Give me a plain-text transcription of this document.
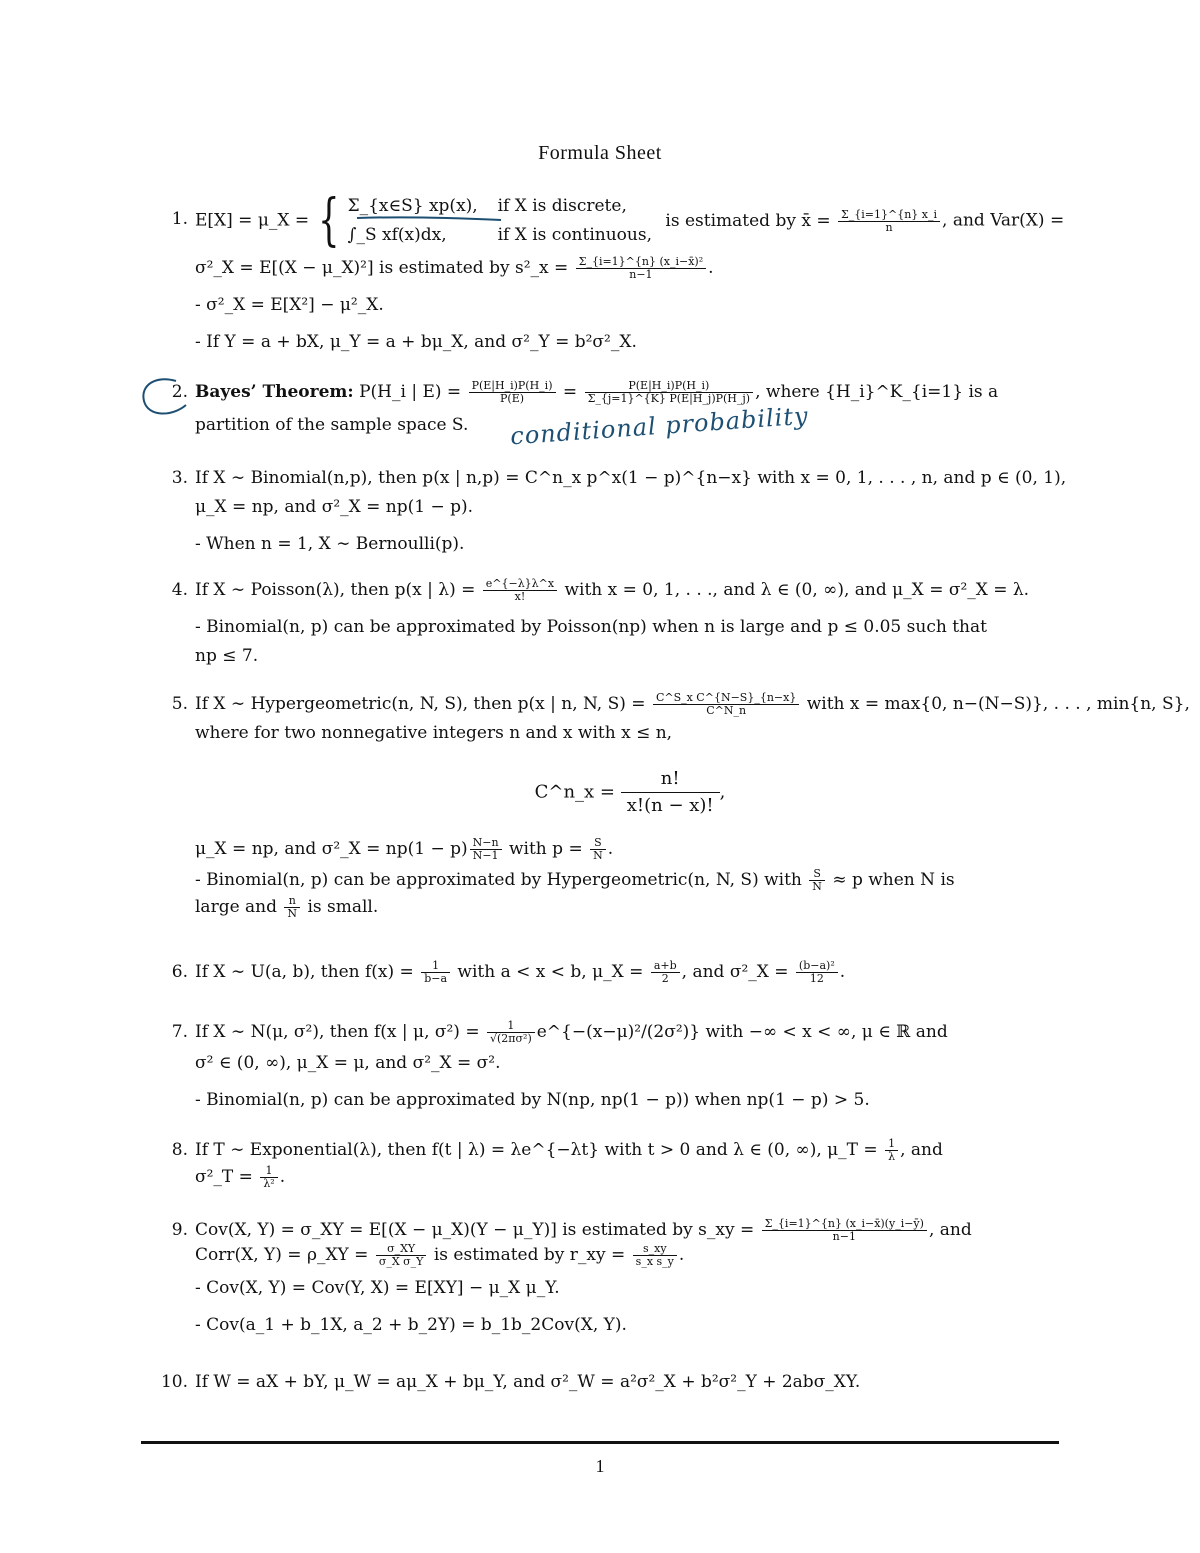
Formula Sheet
1. E[X] = μ_X = { Σ_{x∈S} xp(x), if X is discrete,
∫_S xf(x)dx,	if X is continuous,
is estimated by x̄ = $\frac{\Sigma\_\{i=1\}\^{}\{n\} x\_i}{n}$ , and Var(X) =
σ²_X = E[(X − μ_X)²] is estimated by s²_x = $\frac{\text{Σ\_\{i=1\}\textasciicircum{}\{n\} (x\_i−x̄)²}}{n-1}$ .
- σ²_X = E[X²] − μ²_X.
- If Y = a + bX, μ_Y = a + bμ_X, and σ²_Y = b²σ²_X.
2. Bayes’ Theorem: P(H_i | $E) = \frac{P(E|H\_i)P(H\_i)}{P(E)} = \frac{P(E|H\_i)P(H\_i)}{\Sigma\_\{j=1\}\^{}\{K\} P(E|H\_j)P(H\_j)}$ , where {H_i}^K_{i=1} is a
partition of the sample space S.	conditional probability
3. If X ∼ Binomial(n,p), then p(x | n,p) = C^n_x p^x(1 − p)^{n−x} with x = 0, 1, . . . , n, and p ∈ (0, 1),
μ_X = np, and σ²_X = np(1 − p).
- When n = 1, X ∼ Bernoulli(p).
4. If X ∼ Poisson(λ), then p(x | $\lambda) = \frac{e\^{}\{-\lambda\}\lambda\^{}x}{x!}$ with x = 0, 1, . . ., and λ ∈ (0, ∞), and μ_X = σ²_X = λ.
- Binomial(n, p) can be approximated by Poisson(np) when n is large and p ≤ 0.05 such that
np ≤ 7.
5. If X ∼ Hypergeometric(n, N, S), then p(x | n, N, $S) = \frac{\text{C\textasciicircum{}S\_x C\textasciicircum{}\{N−S\}\_\{n−x\}}}{C\^{}N\_n}$ with x = max{0, n−(N−S)}, . . . , min{n, S},
where for two nonnegative integers n and x with x ≤ n,
C^n_x = $\frac{n!}{x!(n - x)!}$ ,
μ_X = np, and σ²_X = $np(1 - p) \frac{N-n}{N-1}$ with $p = \frac{S}{N}$ .
- Binomial(n, p) can be approximated by Hypergeometric(n, N, S) with $\frac{S}{N} \approx p$ when N is
large and $\frac{n}{N}$ is small.
6. If X ∼ U(a, b), then $f(x) = \frac{1}{b-a}$ with a < x < b, μ_X = $\frac{a+b}{2}$ , and σ²_X = $\frac{\text{(b−a)²}}{12}$ .
7. If X ∼ N(μ, σ²), then f(x | μ, $\sigma^2) = \frac{1}{\text{√(2πσ²)}}$ e^{−(x−μ)²/(2σ²)} with −∞ < x < ∞, μ ∈ ℝ and
σ² ∈ (0, ∞), μ_X = μ, and σ²_X = σ².
- Binomial(n, p) can be approximated by N(np, np(1 − p)) when np(1 − p) > 5.
8. If T ∼ Exponential(λ), then f(t | λ) = λe^{−λt} with t > 0 and λ ∈ (0, ∞), μ_T = $\frac{1}{\lambda}$ , and
σ²_T = $\frac{1}{\text{λ²}}$ .
9. Cov(X, Y) = σ_XY = E[(X − μ_X)(Y − μ_Y)] is estimated by s_xy = $\frac{\Sigma\_\{i=1\}\^{}\{n\} (x\_i-x̄)(y\_i-ȳ)}{n-1}$ , and
Corr(X, Y) = ρ_XY = $\frac{\sigma\_XY}{\text{σ\_X σ\_Y}}$ is estimated by r_xy = $\frac{s\_xy}{\text{s\_x s\_y}}$ .
- Cov(X, Y) = Cov(Y, X) = E[XY] − μ_X μ_Y.
- Cov(a_1 + b_1X, a_2 + b_2Y) = b_1b_2Cov(X, Y).
10. If W = aX + bY, μ_W = aμ_X + bμ_Y, and σ²_W = a²σ²_X + b²σ²_Y + 2abσ_XY.
1
